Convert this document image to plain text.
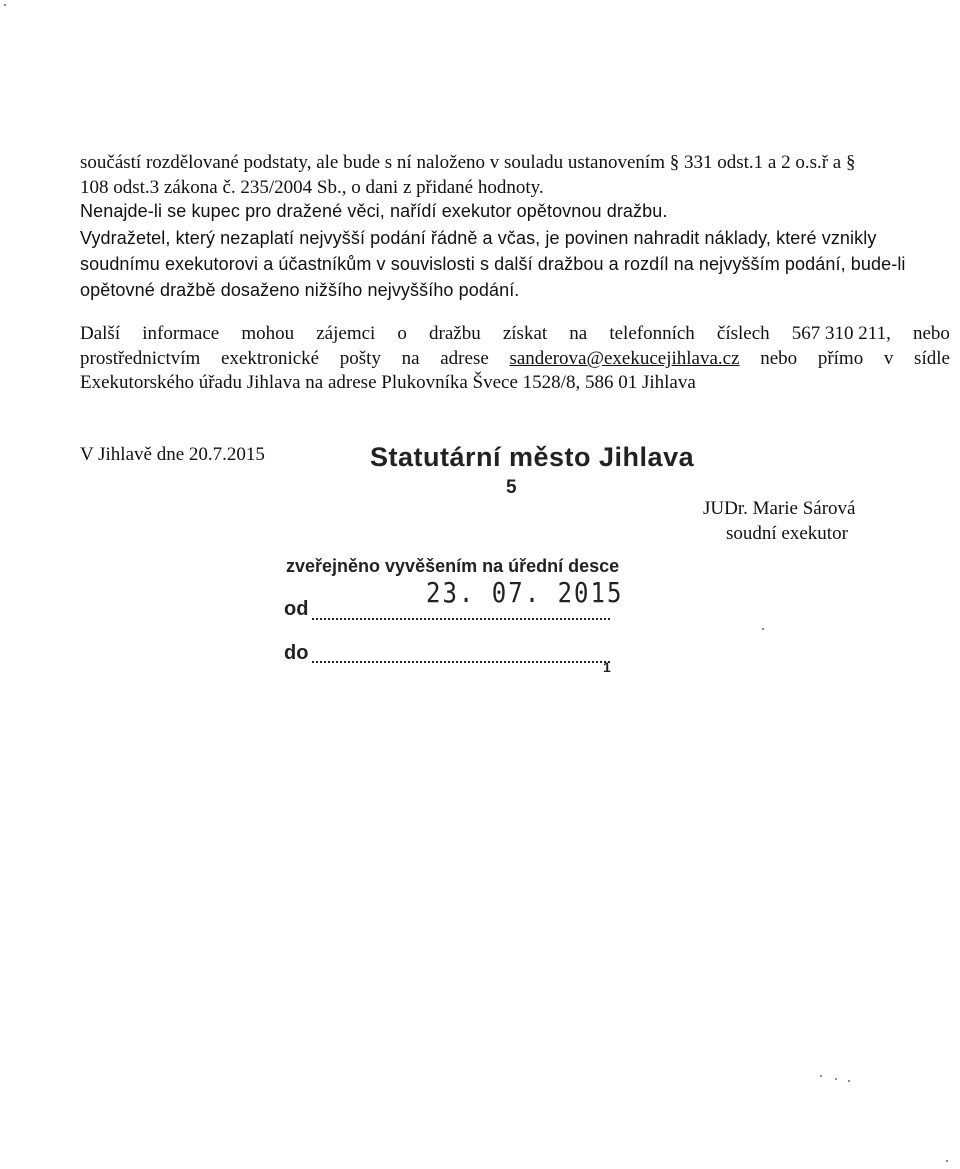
součástí rozdělované podstaty, ale bude s ní naloženo v souladu ustanovením § 331 odst.1 a 2 o.s.ř a §
108 odst.3 zákona č. 235/2004 Sb., o dani z přidané hodnoty.
Nenajde-li se kupec pro dražené věci, nařídí exekutor opětovnou dražbu.
Vydražetel, který nezaplatí nejvyšší podání řádně a včas, je povinen nahradit náklady, které vznikly
soudnímu exekutorovi a účastníkům v souvislosti s další dražbou a rozdíl na nejvyšším podání, bude-li
opětovné dražbě dosaženo nižšího nejvyššího podání.
Další informace mohou zájemci o dražbu získat na telefonních číslech 567 310 211, nebo
prostřednictvím exektronické pošty na adrese sanderova@exekucejihlava.cz nebo přímo v sídle
Exekutorského úřadu Jihlava na adrese Plukovníka Švece 1528/8, 586 01 Jihlava
V Jihlavě dne 20.7.2015	Statutární město Jihlava
5
zveřejněno vyvěšením na úřední desce
od	23. 07. 2015
do
1
JUDr. Marie Sárová
soudní exekutor
